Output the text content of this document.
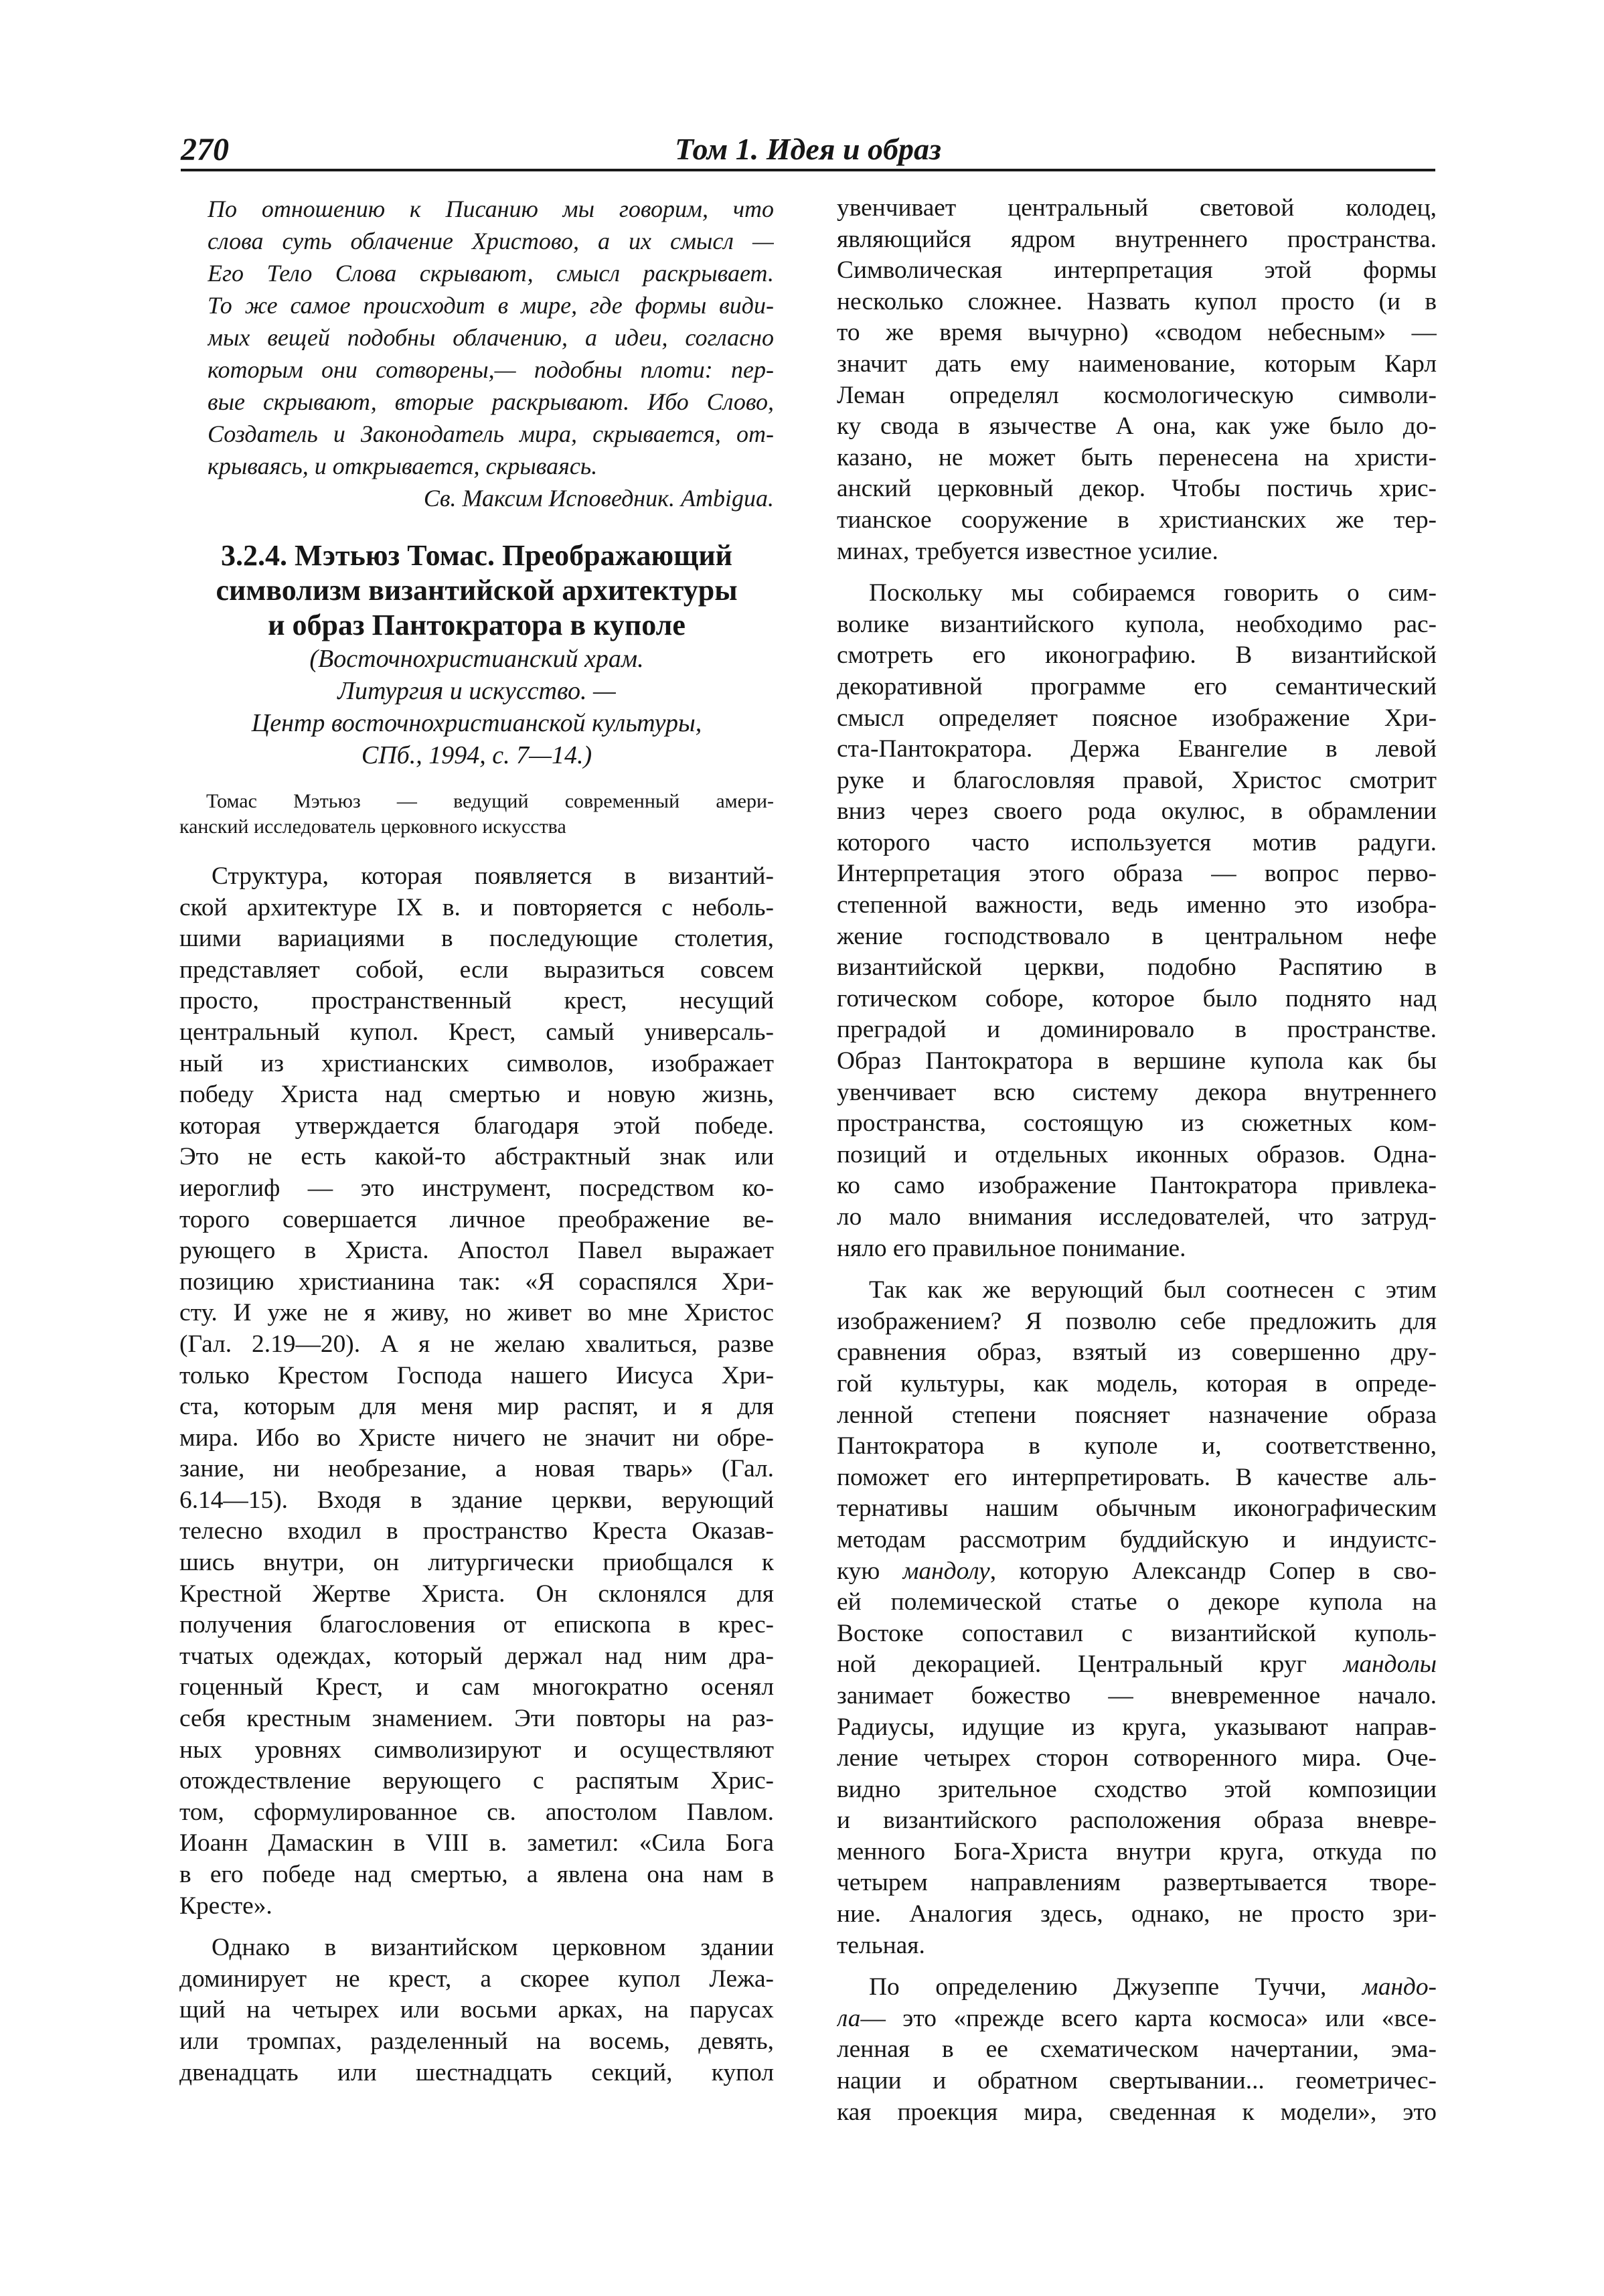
270	Том 1. Идея и образ
По отношению к Писанию мы говорим, что
слова суть облачение Христово, а их смысл —
Его Тело Слова скрывают, смысл раскрывает.
То же самое происходит в мире, где формы види-
мых вещей подобны облачению, а идеи, согласно
которым они сотворены,— подобны плоти: пер-
вые скрывают, вторые раскрывают. Ибо Слово,
Создатель и Законодатель мира, скрывается, от-
крываясь, и открывается, скрываясь.
Св. Максим Исповедник. Ambigua.
3.2.4. Мэтьюз Томас. Преображающий
символизм византийской архитектуры
и образ Пантократора в куполе
(Восточнохристианский храм.
Литургия и искусство. —
Центр восточнохристианской культуры,
СПб., 1994, с. 7—14.)
Томас Мэтьюз — ведущий современный амери-
канский исследователь церковного искусства
Структура, которая появляется в византий-
ской архитектуре IX в. и повторяется с неболь-
шими вариациями в последующие столетия,
представляет собой, если выразиться совсем
просто, пространственный крест, несущий
центральный купол. Крест, самый универсаль-
ный из христианских символов, изображает
победу Христа над смертью и новую жизнь,
которая утверждается благодаря этой победе.
Это не есть какой-то абстрактный знак или
иероглиф — это инструмент, посредством ко-
торого совершается личное преображение ве-
рующего в Христа. Апостол Павел выражает
позицию христианина так: «Я сораспялся Хри-
сту. И уже не я живу, но живет во мне Христос
(Гал. 2.19—20). А я не желаю хвалиться, разве
только Крестом Господа нашего Иисуса Хри-
ста, которым для меня мир распят, и я для
мира. Ибо во Христе ничего не значит ни обре-
зание, ни необрезание, а новая тварь» (Гал.
6.14—15). Входя в здание церкви, верующий
телесно входил в пространство Креста Оказав-
шись внутри, он литургически приобщался к
Крестной Жертве Христа. Он склонялся для
получения благословения от епископа в крес-
тчатых одеждах, который держал над ним дра-
гоценный Крест, и сам многократно осенял
себя крестным знамением. Эти повторы на раз-
ных уровнях символизируют и осуществляют
отождествление верующего с распятым Хрис-
том, сформулированное св. апостолом Павлом.
Иоанн Дамаскин в VIII в. заметил: «Сила Бога
в его победе над смертью, а явлена она нам в
Кресте».
Однако в византийском церковном здании
доминирует не крест, а скорее купол Лежа-
щий на четырех или восьми арках, на парусах
или тромпах, разделенный на восемь, девять,
двенадцать или шестнадцать секций, купол
увенчивает центральный световой колодец,
являющийся ядром внутреннего пространства.
Символическая интерпретация этой формы
несколько сложнее. Назвать купол просто (и в
то же время вычурно) «сводом небесным» —
значит дать ему наименование, которым Карл
Леман определял космологическую символи-
ку свода в язычестве А она, как уже было до-
казано, не может быть перенесена на христи-
анский церковный декор. Чтобы постичь хрис-
тианское сооружение в христианских же тер-
минах, требуется известное усилие.
Поскольку мы собираемся говорить о сим-
волике византийского купола, необходимо рас-
смотреть его иконографию. В византийской
декоративной программе его семантический
смысл определяет поясное изображение Хри-
ста-Пантократора. Держа Евангелие в левой
руке и благословляя правой, Христос смотрит
вниз через своего рода окулюс, в обрамлении
которого часто используется мотив радуги.
Интерпретация этого образа — вопрос перво-
степенной важности, ведь именно это изобра-
жение господствовало в центральном нефе
византийской церкви, подобно Распятию в
готическом соборе, которое было поднято над
преградой и доминировало в пространстве.
Образ Пантократора в вершине купола как бы
увенчивает всю систему декора внутреннего
пространства, состоящую из сюжетных ком-
позиций и отдельных иконных образов. Одна-
ко само изображение Пантократора привлека-
ло мало внимания исследователей, что затруд-
няло его правильное понимание.
Так как же верующий был соотнесен с этим
изображением? Я позволю себе предложить для
сравнения образ, взятый из совершенно дру-
гой культуры, как модель, которая в опреде-
ленной степени поясняет назначение образа
Пантократора в куполе и, соответственно,
поможет его интерпретировать. В качестве аль-
тернативы нашим обычным иконографическим
методам рассмотрим буддийскую и индуистс-
кую мандолу, которую Александр Сопер в сво-
ей полемической статье о декоре купола на
Востоке сопоставил с византийской куполь-
ной декорацией. Центральный круг мандолы
занимает божество — вневременное начало.
Радиусы, идущие из круга, указывают направ-
ление четырех сторон сотворенного мира. Оче-
видно зрительное сходство этой композиции
и византийского расположения образа вневре-
менного Бога-Христа внутри круга, откуда по
четырем направлениям развертывается творе-
ние. Аналогия здесь, однако, не просто зри-
тельная.
По определению Джузеппе Туччи, мандо-
ла— это «прежде всего карта космоса» или «все-
ленная в ее схематическом начертании, эма-
нации и обратном свертывании... геометричес-
кая проекция мира, сведенная к модели», это
